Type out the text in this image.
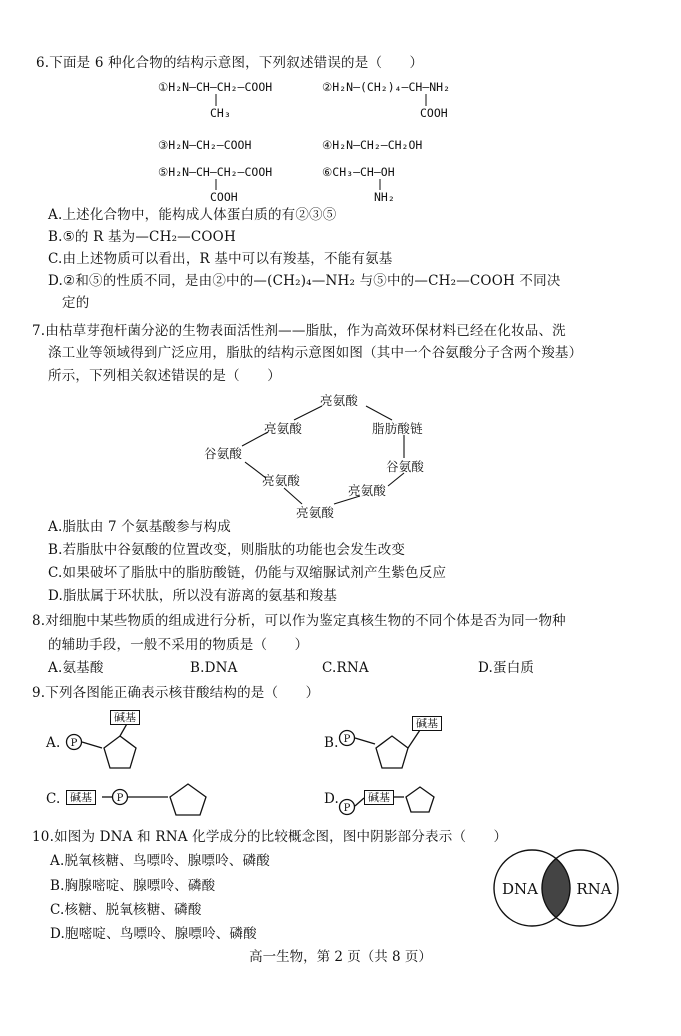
6.下面是 6 种化合物的结构示意图，下列叙述错误的是（　　）
①H₂N—CH—CH₂—COOH
CH₃
②H₂N—(CH₂)₄—CH—NH₂
COOH
③H₂N—CH₂—COOH	④H₂N—CH₂—CH₂OH
⑤H₂N—CH—CH₂—COOH
COOH
⑥CH₃—CH—OH
NH₂
A.上述化合物中，能构成人体蛋白质的有②③⑤
B.⑤的 R 基为—CH₂—COOH
C.由上述物质可以看出，R 基中可以有羧基，不能有氨基
D.②和⑤的性质不同，是由②中的—(CH₂)₄—NH₂ 与⑤中的—CH₂—COOH 不同决
定的
7.由枯草芽孢杆菌分泌的生物表面活性剂——脂肽，作为高效环保材料已经在化妆品、洗
涤工业等领域得到广泛应用，脂肽的结构示意图如图（其中一个谷氨酸分子含两个羧基）
所示，下列相关叙述错误的是（　　）
亮氨酸
亮氨酸	脂肪酸链
谷氨酸
谷氨酸
亮氨酸
亮氨酸
亮氨酸
A.脂肽由 7 个氨基酸参与构成
B.若脂肽中谷氨酸的位置改变，则脂肽的功能也会发生改变
C.如果破坏了脂肽中的脂肪酸链，仍能与双缩脲试剂产生紫色反应
D.脂肽属于环状肽，所以没有游离的氨基和羧基
8.对细胞中某些物质的组成进行分析，可以作为鉴定真核生物的不同个体是否为同一物种
的辅助手段，一般不采用的物质是（　　）
A.氨基酸	B.DNA	C.RNA	D.蛋白质
9.下列各图能正确表示核苷酸结构的是（　　）
A.	B.
C.	D.
P	P
P
P
碱基	碱基
碱基	碱基
10.如图为 DNA 和 RNA 化学成分的比较概念图，图中阴影部分表示（　　）
A.脱氧核糖、鸟嘌呤、腺嘌呤、磷酸
B.胸腺嘧啶、腺嘌呤、磷酸
C.核糖、脱氧核糖、磷酸
D.胞嘧啶、鸟嘌呤、腺嘌呤、磷酸
DNA	RNA
高一生物，第 2 页（共 8 页）
